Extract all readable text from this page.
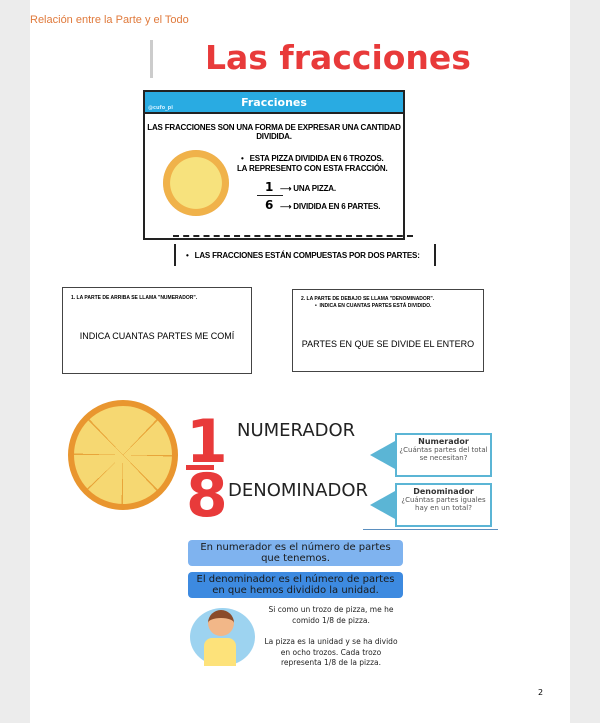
Relación entre la Parte y el Todo
Las fracciones
@cufo_pi	Fracciones
LAS FRACCIONES SON UNA FORMA DE EXPRESAR UNA CANTIDAD DIVIDIDA.
•   ESTA PIZZA DIVIDIDA EN 6 TROZOS.
LA REPRESENTO CON ESTA FRACCIÓN.
1
6
⟶ UNA PIZZA.
⟶ DIVIDIDA EN 6 PARTES.
•   LAS FRACCIONES ESTÁN COMPUESTAS POR DOS PARTES:
1. LA PARTE DE ARRIBA SE LLAMA "NUMERADOR".
INDICA CUANTAS PARTES ME COMÍ
2. LA PARTE DE DEBAJO SE LLAMA "DENOMINADOR".
•  INDICA EN CUANTAS PARTES ESTÁ DIVIDIDO.
PARTES EN QUE SE DIVIDE EL ENTERO
1
8
NUMERADOR
DENOMINADOR
Numerador
¿Cuántas partes del total se necesitan?
Denominador
¿Cuántas partes iguales hay en un total?
En numerador es el número de partes que tenemos.
El denominador es el número de partes en que hemos dividido la unidad.
Si como un trozo de pizza, me he comido 1/8 de pizza.
La pizza es la unidad y se ha divido en ocho trozos. Cada trozo representa 1/8 de la pizza.
2
